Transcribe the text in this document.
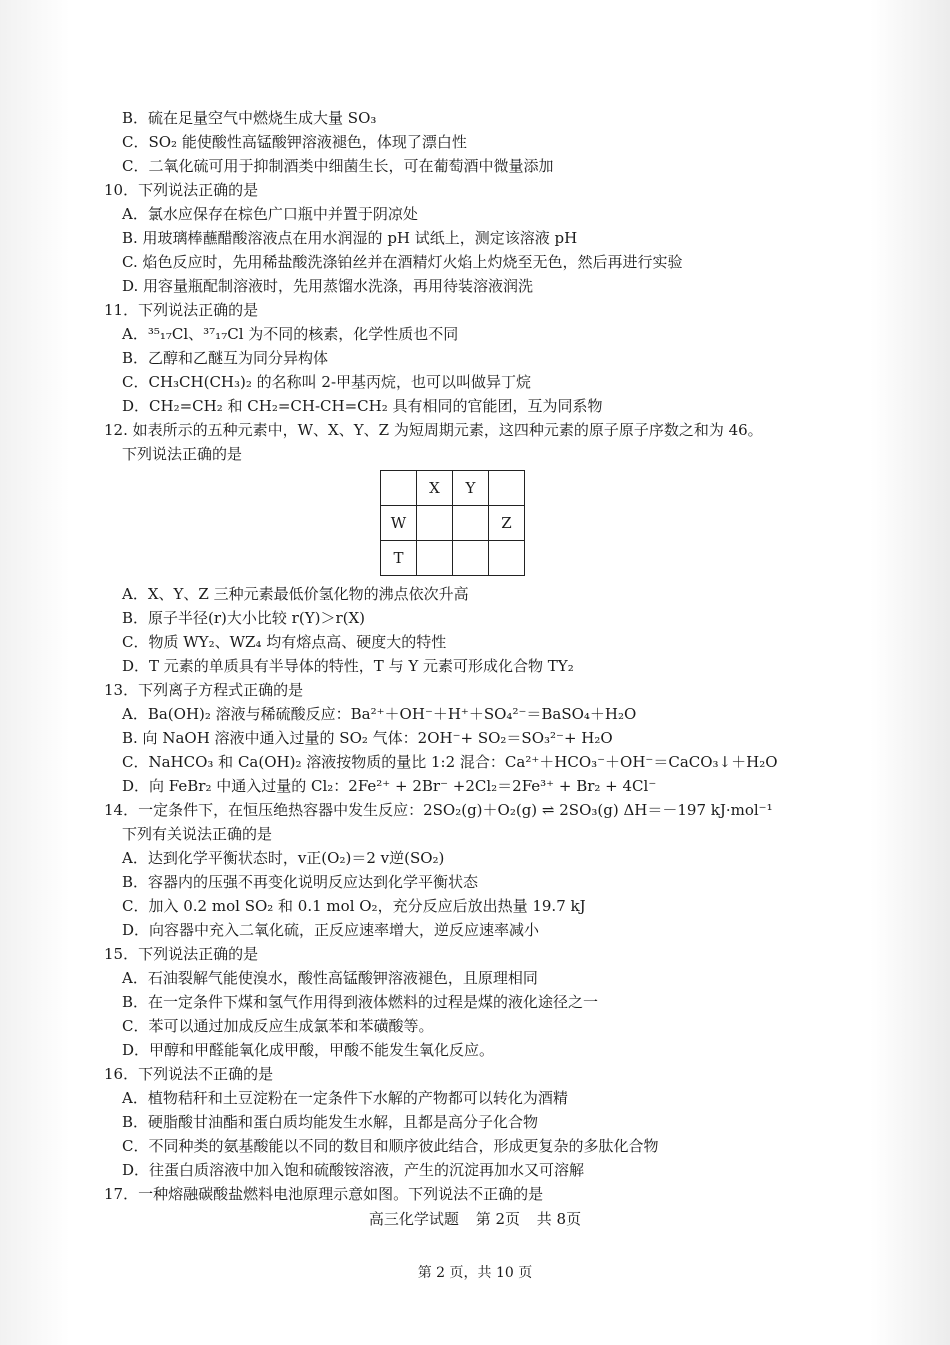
B．硫在足量空气中燃烧生成大量 SO₃
C．SO₂ 能使酸性高锰酸钾溶液褪色，体现了漂白性
C．二氧化硫可用于抑制酒类中细菌生长，可在葡萄酒中微量添加
10．下列说法正确的是
A．氯水应保存在棕色广口瓶中并置于阴凉处
B. 用玻璃棒蘸醋酸溶液点在用水润湿的 pH 试纸上，测定该溶液 pH
C. 焰色反应时，先用稀盐酸洗涤铂丝并在酒精灯火焰上灼烧至无色，然后再进行实验
D. 用容量瓶配制溶液时，先用蒸馏水洗涤，再用待装溶液润洗
11．下列说法正确的是
A．³⁵₁₇Cl、³⁷₁₇Cl 为不同的核素，化学性质也不同
B．乙醇和乙醚互为同分异构体
C．CH₃CH(CH₃)₂ 的名称叫 2-甲基丙烷，也可以叫做异丁烷
D．CH₂=CH₂ 和 CH₂=CH-CH=CH₂ 具有相同的官能团，互为同系物
12. 如表所示的五种元素中，W、X、Y、Z 为短周期元素，这四种元素的原子原子序数之和为 46。
下列说法正确的是
	X	Y	
W			Z
T			
A．X、Y、Z 三种元素最低价氢化物的沸点依次升高
B．原子半径(r)大小比较 r(Y)＞r(X)
C．物质 WY₂、WZ₄ 均有熔点高、硬度大的特性
D．T 元素的单质具有半导体的特性，T 与 Y 元素可形成化合物 TY₂
13．下列离子方程式正确的是
A．Ba(OH)₂ 溶液与稀硫酸反应：Ba²⁺＋OH⁻＋H⁺＋SO₄²⁻＝BaSO₄＋H₂O
B. 向 NaOH 溶液中通入过量的 SO₂ 气体：2OH⁻+ SO₂＝SO₃²⁻+ H₂O
C．NaHCO₃ 和 Ca(OH)₂ 溶液按物质的量比 1:2 混合：Ca²⁺＋HCO₃⁻＋OH⁻＝CaCO₃↓＋H₂O
D．向 FeBr₂ 中通入过量的 Cl₂：2Fe²⁺ + 2Br⁻ +2Cl₂＝2Fe³⁺ + Br₂ + 4Cl⁻
14．一定条件下，在恒压绝热容器中发生反应：2SO₂(g)＋O₂(g) ⇌ 2SO₃(g) ΔH＝－197 kJ·mol⁻¹
下列有关说法正确的是
A．达到化学平衡状态时，v正(O₂)＝2 v逆(SO₂)
B．容器内的压强不再变化说明反应达到化学平衡状态
C．加入 0.2 mol SO₂ 和 0.1 mol O₂，充分反应后放出热量 19.7 kJ
D．向容器中充入二氧化硫，正反应速率增大，逆反应速率减小
15．下列说法正确的是
A．石油裂解气能使溴水，酸性高锰酸钾溶液褪色，且原理相同
B．在一定条件下煤和氢气作用得到液体燃料的过程是煤的液化途径之一
C．苯可以通过加成反应生成氯苯和苯磺酸等。
D．甲醇和甲醛能氧化成甲酸，甲酸不能发生氧化反应。
16．下列说法不正确的是
A．植物秸秆和土豆淀粉在一定条件下水解的产物都可以转化为酒精
B．硬脂酸甘油酯和蛋白质均能发生水解，且都是高分子化合物
C．不同种类的氨基酸能以不同的数目和顺序彼此结合，形成更复杂的多肽化合物
D．往蛋白质溶液中加入饱和硫酸铵溶液，产生的沉淀再加水又可溶解
17．一种熔融碳酸盐燃料电池原理示意如图。下列说法不正确的是
高三化学试题 第 2页 共 8页
第 2 页，共 10 页
